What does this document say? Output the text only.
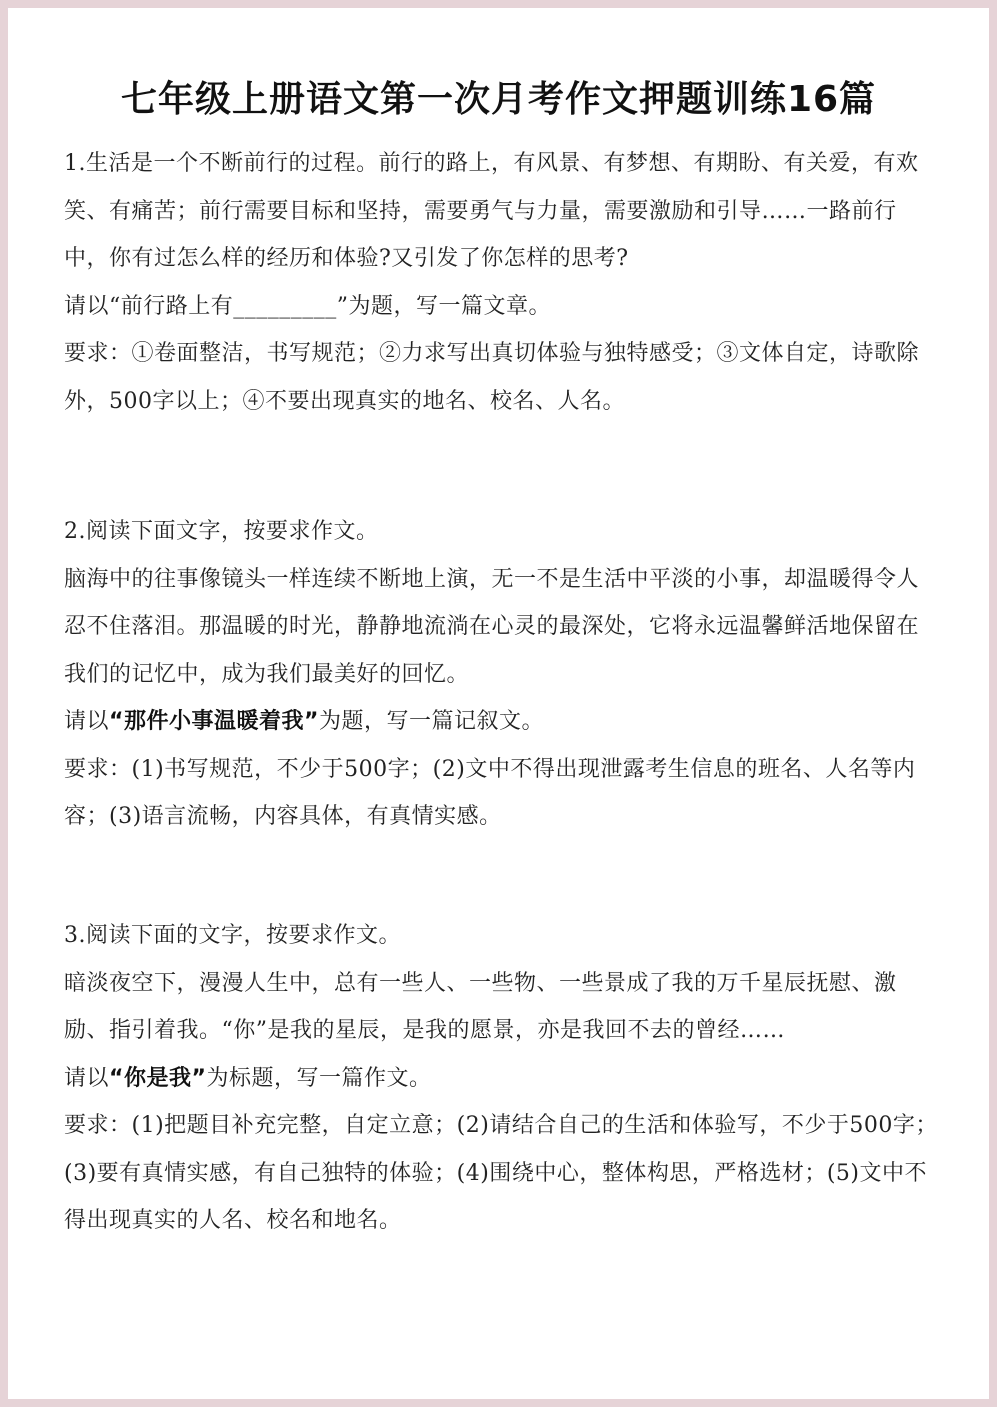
七年级上册语文第一次月考作文押题训练16篇

1.生活是一个不断前行的过程。前行的路上，有风景、有梦想、有期盼、有关爱，有欢笑、有痛苦；前行需要目标和坚持，需要勇气与力量，需要激励和引导……一路前行中，你有过怎么样的经历和体验?又引发了你怎样的思考?

请以“前行路上有_________”为题，写一篇文章。

要求：①卷面整洁，书写规范；②力求写出真切体验与独特感受；③文体自定，诗歌除外，500字以上；④不要出现真实的地名、校名、人名。

2.阅读下面文字，按要求作文。

脑海中的往事像镜头一样连续不断地上演，无一不是生活中平淡的小事，却温暖得令人忍不住落泪。那温暖的时光，静静地流淌在心灵的最深处，它将永远温馨鲜活地保留在我们的记忆中，成为我们最美好的回忆。

请以“那件小事温暖着我”为题，写一篇记叙文。

要求：(1)书写规范，不少于500字；(2)文中不得出现泄露考生信息的班名、人名等内容；(3)语言流畅，内容具体，有真情实感。

3.阅读下面的文字，按要求作文。

暗淡夜空下，漫漫人生中，总有一些人、一些物、一些景成了我的万千星辰抚慰、激励、指引着我。“你”是我的星辰，是我的愿景，亦是我回不去的曾经……

请以“你是我”为标题，写一篇作文。

要求：(1)把题目补充完整，自定立意；(2)请结合自己的生活和体验写，不少于500字；(3)要有真情实感，有自己独特的体验；(4)围绕中心，整体构思，严格选材；(5)文中不得出现真实的人名、校名和地名。
